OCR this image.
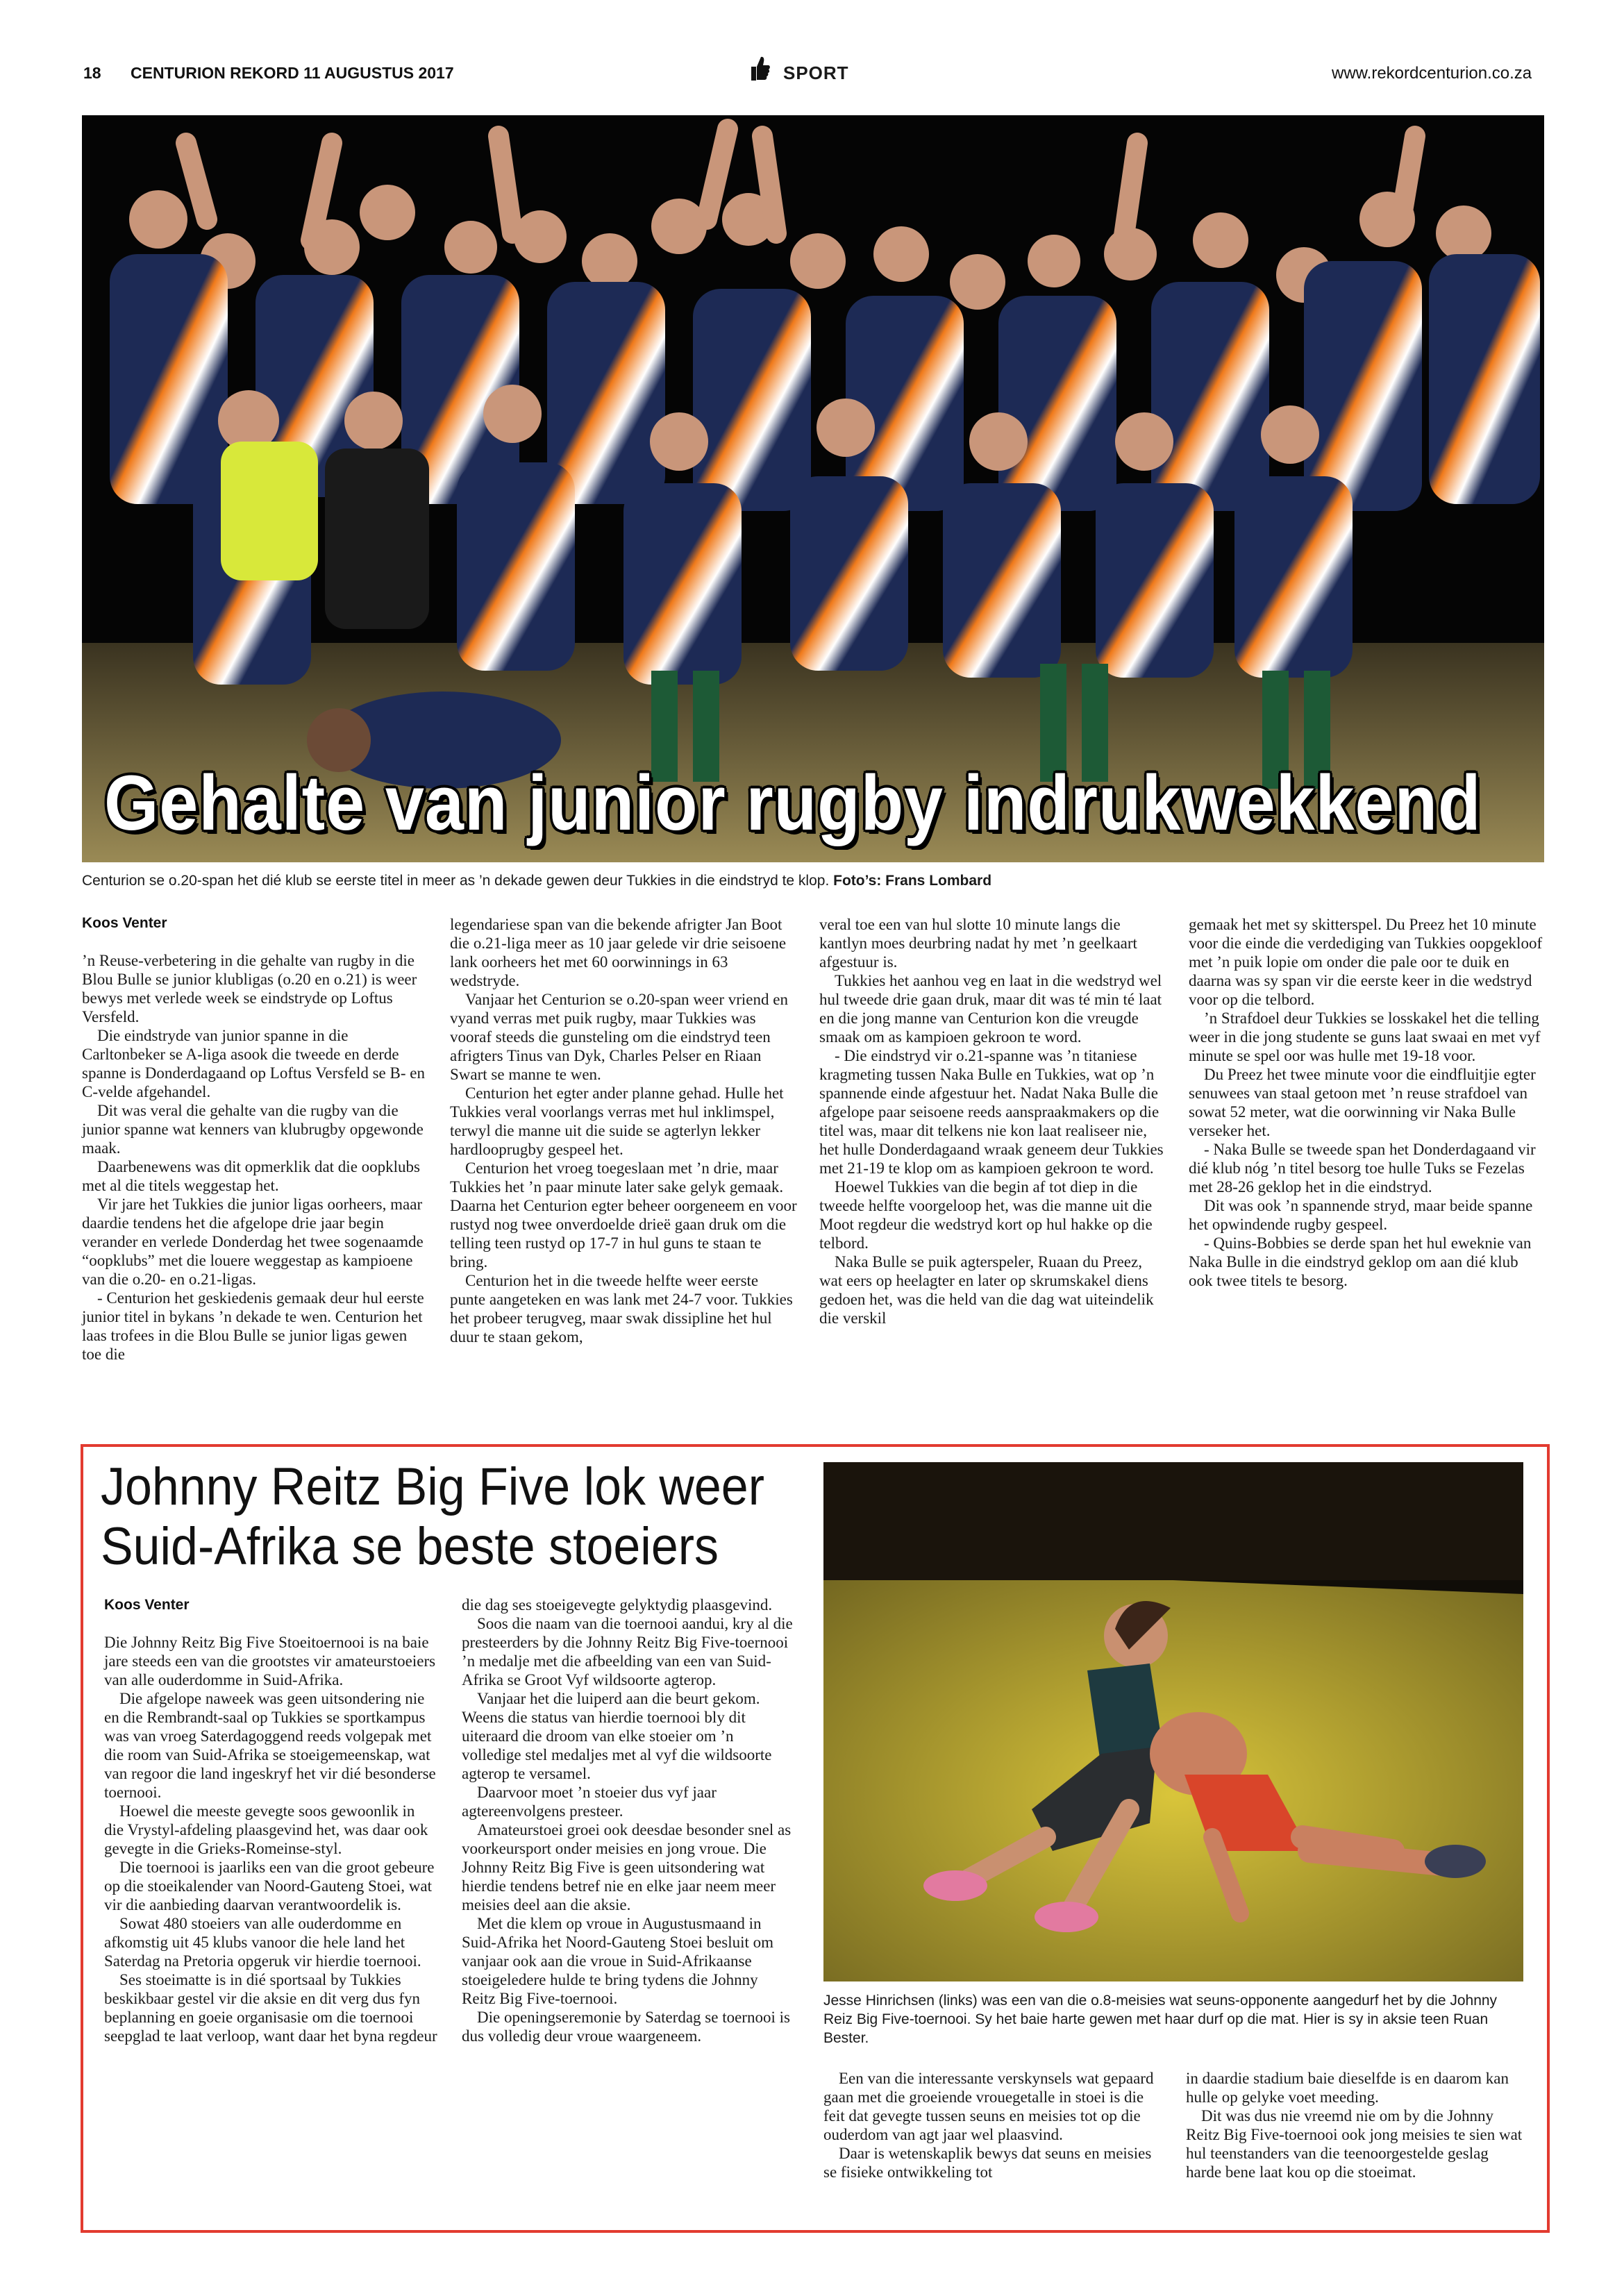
18 CENTURION REKORD 11 AUGUSTUS 2017	SPORT	www.rekordcenturion.co.za
Gehalte van junior rugby indrukwekkend
Centurion se o.20-span het dié klub se eerste titel in meer as ’n dekade gewen deur Tukkies in die eindstryd te klop. Foto’s: Frans Lombard
Koos Venter

’n Reuse-verbetering in die gehalte van rugby in die Blou Bulle se junior klubligas (o.20 en o.21) is weer bewys met verlede week se eindstryde op Loftus Versfeld.

Die eindstryde van junior spanne in die Carltonbeker se A-liga asook die tweede en derde spanne is Donderdagaand op Loftus Versfeld se B- en C-velde afgehandel.

Dit was veral die gehalte van die rugby van die junior spanne wat kenners van klubrugby opgewonde maak.

Daarbenewens was dit opmerklik dat die oopklubs met al die titels weggestap het.

Vir jare het Tukkies die junior ligas oorheers, maar daardie tendens het die afgelope drie jaar begin verander en verlede Donderdag het twee sogenaamde “oopklubs” met die louere weggestap as kampioene van die o.20- en o.21-ligas.

- Centurion het geskiedenis gemaak deur hul eerste junior titel in bykans ’n dekade te wen. Centurion het laas trofees in die Blou Bulle se junior ligas gewen toe die

legendariese span van die bekende afrigter Jan Boot die o.21-liga meer as 10 jaar gelede vir drie seisoene lank oorheers het met 60 oorwinnings in 63 wedstryde.

Vanjaar het Centurion se o.20-span weer vriend en vyand verras met puik rugby, maar Tukkies was vooraf steeds die gunsteling om die eindstryd teen afrigters Tinus van Dyk, Charles Pelser en Riaan Swart se manne te wen.

Centurion het egter ander planne gehad. Hulle het Tukkies veral voorlangs verras met hul inklimspel, terwyl die manne uit die suide se agterlyn lekker hardlooprugby gespeel het.

Centurion het vroeg toegeslaan met ’n drie, maar Tukkies het ’n paar minute later sake gelyk gemaak. Daarna het Centurion egter beheer oorgeneem en voor rustyd nog twee onverdoelde drieë gaan druk om die telling teen rustyd op 17-7 in hul guns te staan te bring.

Centurion het in die tweede helfte weer eerste punte aangeteken en was lank met 24-7 voor. Tukkies het probeer terugveg, maar swak dissipline het hul duur te staan gekom,

veral toe een van hul slotte 10 minute langs die kantlyn moes deurbring nadat hy met ’n geelkaart afgestuur is.

Tukkies het aanhou veg en laat in die wedstryd wel hul tweede drie gaan druk, maar dit was té min té laat en die jong manne van Centurion kon die vreugde smaak om as kampioen gekroon te word.

- Die eindstryd vir o.21-spanne was ’n titaniese kragmeting tussen Naka Bulle en Tukkies, wat op ’n spannende einde afgestuur het. Nadat Naka Bulle die afgelope paar seisoene reeds aanspraakmakers op die titel was, maar dit telkens nie kon laat realiseer nie, het hulle Donderdagaand wraak geneem deur Tukkies met 21-19 te klop om as kampioen gekroon te word.

Hoewel Tukkies van die begin af tot diep in die tweede helfte voorgeloop het, was die manne uit die Moot regdeur die wedstryd kort op hul hakke op die telbord.

Naka Bulle se puik agterspeler, Ruaan du Preez, wat eers op heelagter en later op skrumskakel diens gedoen het, was die held van die dag wat uiteindelik die verskil

gemaak het met sy skitterspel. Du Preez het 10 minute voor die einde die verdediging van Tukkies oopgekloof met ’n puik lopie om onder die pale oor te duik en daarna was sy span vir die eerste keer in die wedstryd voor op die telbord.

’n Strafdoel deur Tukkies se losskakel het die telling weer in die jong studente se guns laat swaai en met vyf minute se spel oor was hulle met 19-18 voor.

Du Preez het twee minute voor die eindfluitjie egter senuwees van staal getoon met ’n reuse strafdoel van sowat 52 meter, wat die oorwinning vir Naka Bulle verseker het.

- Naka Bulle se tweede span het Donderdagaand vir dié klub nóg ’n titel besorg toe hulle Tuks se Fezelas met 28-26 geklop het in die eindstryd.

Dit was ook ’n spannende stryd, maar beide spanne het opwindende rugby gespeel.

- Quins-Bobbies se derde span het hul eweknie van Naka Bulle in die eindstryd geklop om aan dié klub ook twee titels te besorg.

Johnny Reitz Big Five lok weer
Suid-Afrika se beste stoeiers
Koos Venter

Die Johnny Reitz Big Five Stoeitoernooi is na baie jare steeds een van die grootstes vir amateurstoeiers van alle ouderdomme in Suid-Afrika.

Die afgelope naweek was geen uitsondering nie en die Rembrandt-saal op Tukkies se sportkampus was van vroeg Saterdagoggend reeds volgepak met die room van Suid-Afrika se stoeigemeenskap, wat van regoor die land ingeskryf het vir dié besonderse toernooi.

Hoewel die meeste gevegte soos gewoonlik in die Vrystyl-afdeling plaasgevind het, was daar ook gevegte in die Grieks-Romeinse-styl.

Die toernooi is jaarliks een van die groot gebeure op die stoeikalender van Noord-Gauteng Stoei, wat vir die aanbieding daarvan verantwoordelik is.

Sowat 480 stoeiers van alle ouderdomme en afkomstig uit 45 klubs vanoor die hele land het Saterdag na Pretoria opgeruk vir hierdie toernooi.

Ses stoeimatte is in dié sportsaal by Tukkies beskikbaar gestel vir die aksie en dit verg dus fyn beplanning en goeie organisasie om die toernooi seepglad te laat verloop, want daar het byna regdeur

die dag ses stoeigevegte gelyktydig plaasgevind.

Soos die naam van die toernooi aandui, kry al die presteerders by die Johnny Reitz Big Five-toernooi ’n medalje met die afbeelding van een van Suid-Afrika se Groot Vyf wildsoorte agterop.

Vanjaar het die luiperd aan die beurt gekom. Weens die status van hierdie toernooi bly dit uiteraard die droom van elke stoeier om ’n volledige stel medaljes met al vyf die wildsoorte agterop te versamel.

Daarvoor moet ’n stoeier dus vyf jaar agtereenvolgens presteer.

Amateurstoei groei ook deesdae besonder snel as voorkeursport onder meisies en jong vroue. Die Johnny Reitz Big Five is geen uitsondering wat hierdie tendens betref nie en elke jaar neem meer meisies deel aan die aksie.

Met die klem op vroue in Augustusmaand in Suid-Afrika het Noord-Gauteng Stoei besluit om vanjaar ook aan die vroue in Suid-Afrikaanse stoeigeledere hulde te bring tydens die Johnny Reitz Big Five-toernooi.

Die openingseremonie by Saterdag se toernooi is dus volledig deur vroue waargeneem.

Jesse Hinrichsen (links) was een van die o.8-meisies wat seuns-opponente aangedurf het by die Johnny Reiz Big Five-toernooi. Sy het baie harte gewen met haar durf op die mat. Hier is sy in aksie teen Ruan Bester.

Een van die interessante verskynsels wat gepaard gaan met die groeiende vrouegetalle in stoei is die feit dat gevegte tussen seuns en meisies tot op die ouderdom van agt jaar wel plaasvind.

Daar is wetenskaplik bewys dat seuns en meisies se fisieke ontwikkeling tot

in daardie stadium baie dieselfde is en daarom kan hulle op gelyke voet meeding.

Dit was dus nie vreemd nie om by die Johnny Reitz Big Five-toernooi ook jong meisies te sien wat hul teenstanders van die teenoorgestelde geslag harde bene laat kou op die stoeimat.
